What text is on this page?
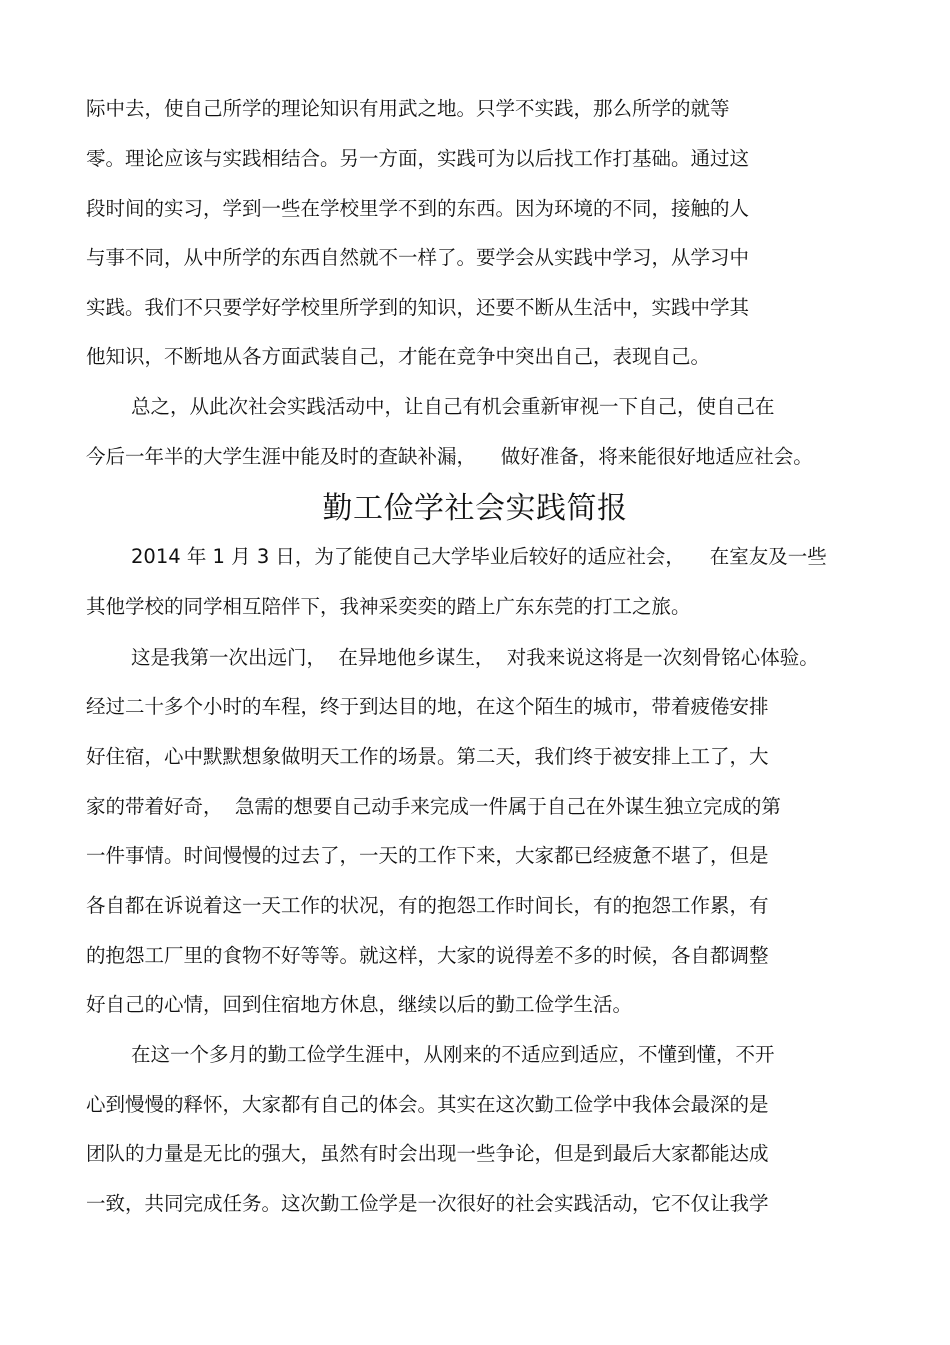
际中去，使自己所学的理论知识有用武之地。只学不实践，那么所学的就等
零。理论应该与实践相结合。另一方面，实践可为以后找工作打基础。通过这
段时间的实习，学到一些在学校里学不到的东西。因为环境的不同，接触的人
与事不同，从中所学的东西自然就不一样了。要学会从实践中学习，从学习中
实践。我们不只要学好学校里所学到的知识，还要不断从生活中，实践中学其
他知识，不断地从各方面武装自己，才能在竞争中突出自己，表现自己。
总之，从此次社会实践活动中，让自己有机会重新审视一下自己，使自己在
今后一年半的大学生涯中能及时的查缺补漏，    做好准备，将来能很好地适应社会。
勤工俭学社会实践简报
2014 年 1 月 3 日，为了能使自己大学毕业后较好的适应社会，    在室友及一些
其他学校的同学相互陪伴下，我神采奕奕的踏上广东东莞的打工之旅。
这是我第一次出远门，  在异地他乡谋生，  对我来说这将是一次刻骨铭心体验。
经过二十多个小时的车程，终于到达目的地，在这个陌生的城市，带着疲倦安排
好住宿，心中默默想象做明天工作的场景。第二天，我们终于被安排上工了，大
家的带着好奇，  急需的想要自己动手来完成一件属于自己在外谋生独立完成的第
一件事情。时间慢慢的过去了，一天的工作下来，大家都已经疲惫不堪了，但是
各自都在诉说着这一天工作的状况，有的抱怨工作时间长，有的抱怨工作累，有
的抱怨工厂里的食物不好等等。就这样，大家的说得差不多的时候，各自都调整
好自己的心情，回到住宿地方休息，继续以后的勤工俭学生活。
在这一个多月的勤工俭学生涯中，从刚来的不适应到适应，不懂到懂，不开
心到慢慢的释怀，大家都有自己的体会。其实在这次勤工俭学中我体会最深的是
团队的力量是无比的强大，虽然有时会出现一些争论，但是到最后大家都能达成
一致，共同完成任务。这次勤工俭学是一次很好的社会实践活动，它不仅让我学
